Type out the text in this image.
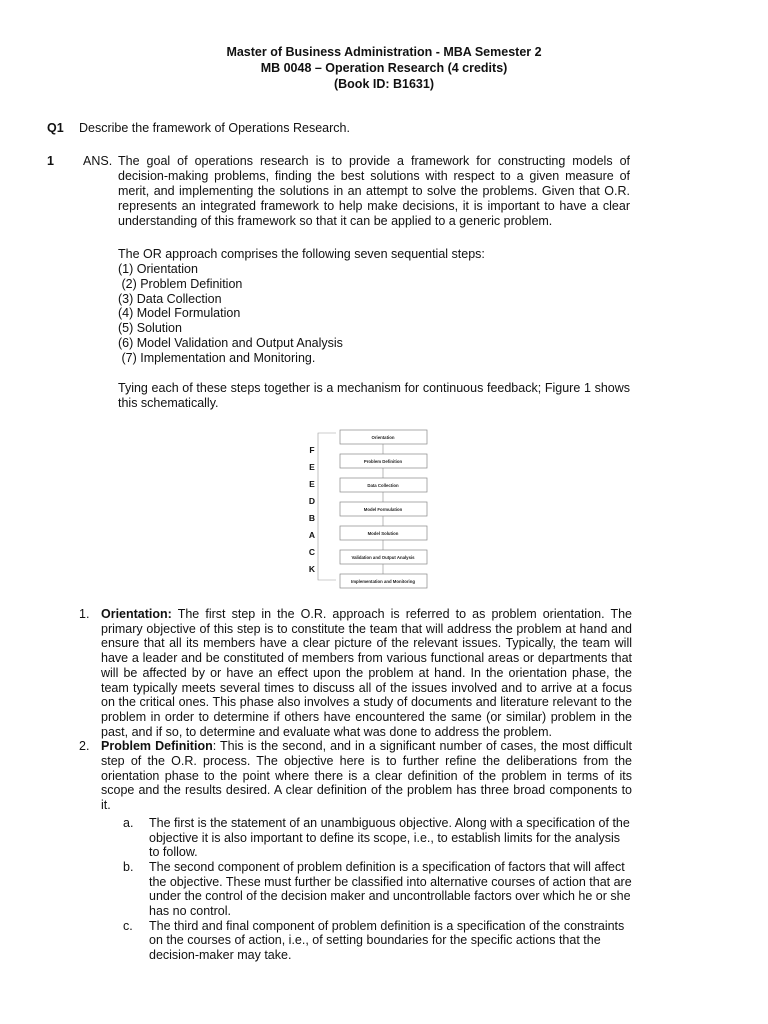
Master of Business Administration - MBA Semester 2
MB 0048 – Operation Research (4 credits)
(Book ID: B1631)
Q1 Describe the framework of Operations Research.
1 ANS. The goal of operations research is to provide a framework for constructing models of decision-making problems, finding the best solutions with respect to a given measure of merit, and implementing the solutions in an attempt to solve the problems. Given that O.R. represents an integrated framework to help make decisions, it is important to have a clear understanding of this framework so that it can be applied to a generic problem.

The OR approach comprises the following seven sequential steps:
(1) Orientation
(2) Problem Definition
(3) Data Collection
(4) Model Formulation
(5) Solution
(6) Model Validation and Output Analysis
(7) Implementation and Monitoring.

Tying each of these steps together is a mechanism for continuous feedback; Figure 1 shows this schematically.

Orientation
Problem Definition
Data Collection
Model Formulation
Model Solution
Validation and Output Analysis
Implementation and Monitoring
F
E
E
D
B
A
C
K
1. Orientation: The first step in the O.R. approach is referred to as problem orientation. The primary objective of this step is to constitute the team that will address the problem at hand and ensure that all its members have a clear picture of the relevant issues. Typically, the team will have a leader and be constituted of members from various functional areas or departments that will be affected by or have an effect upon the problem at hand. In the orientation phase, the team typically meets several times to discuss all of the issues involved and to arrive at a focus on the critical ones. This phase also involves a study of documents and literature relevant to the problem in order to determine if others have encountered the same (or similar) problem in the past, and if so, to determine and evaluate what was done to address the problem.
2. Problem Definition: This is the second, and in a significant number of cases, the most difficult step of the O.R. process. The objective here is to further refine the deliberations from the orientation phase to the point where there is a clear definition of the problem in terms of its scope and the results desired. A clear definition of the problem has three broad components to it.
a. The first is the statement of an unambiguous objective. Along with a specification of the objective it is also important to define its scope, i.e., to establish limits for the analysis to follow.
b. The second component of problem definition is a specification of factors that will affect the objective. These must further be classified into alternative courses of action that are under the control of the decision maker and uncontrollable factors over which he or she has no control.
c. The third and final component of problem definition is a specification of the constraints on the courses of action, i.e., of setting boundaries for the specific actions that the decision-maker may take.
